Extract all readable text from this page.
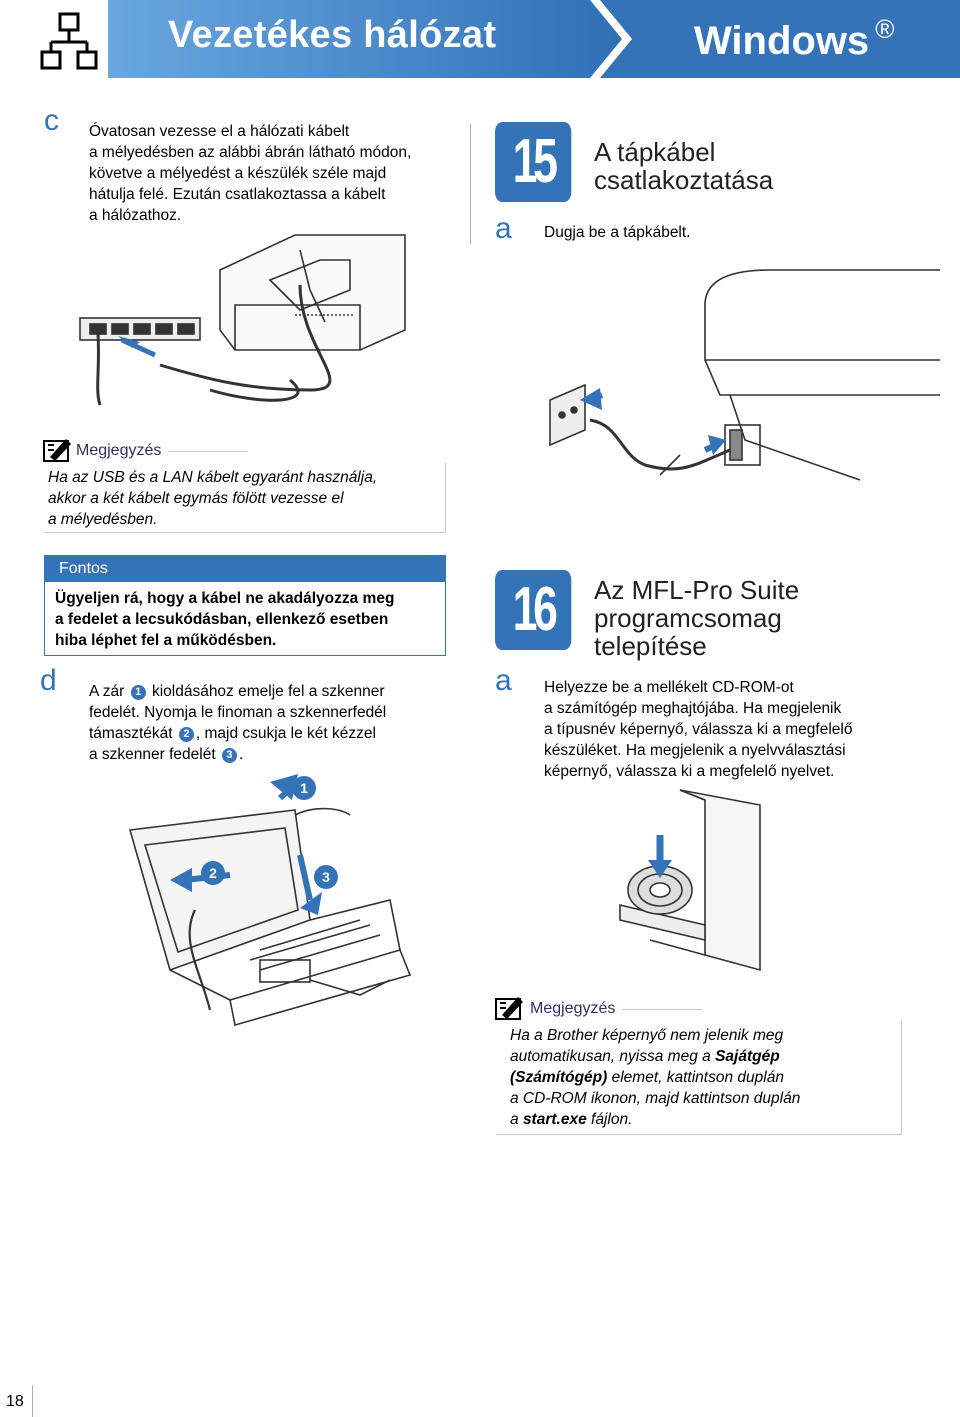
Vezetékes hálózat	Windows ®
c Óvatosan vezesse el a hálózati kábelt
a mélyedésben az alábbi ábrán látható módon,
követve a mélyedést a készülék széle majd
hátulja felé. Ezután csatlakoztassa a kábelt
a hálózathoz.
Megjegyzés
Ha az USB és a LAN kábelt egyaránt használja,
akkor a két kábelt egymás fölött vezesse el
a mélyedésben.
Fontos
Ügyeljen rá, hogy a kábel ne akadályozza meg
a fedelet a lecsukódásban, ellenkező esetben
hiba léphet fel a működésben.
d A zár 1 kioldásához emelje fel a szkenner
fedelét. Nyomja le finoman a szkennerfedél
támasztékát 2 , majd csukja le két kézzel
a szkenner fedelét 3 .
1
2	3
15	A tápkábel
csatlakoztatása
a Dugja be a tápkábelt.
16	Az MFL-Pro Suite
programcsomag
telepítése
a Helyezze be a mellékelt CD-ROM-ot
a számítógép meghajtójába. Ha megjelenik
a típusnév képernyő, válassza ki a megfelelő
készüléket. Ha megjelenik a nyelvválasztási
képernyő, válassza ki a megfelelő nyelvet.
Megjegyzés
Ha a Brother képernyő nem jelenik meg
automatikusan, nyissa meg a Sajátgép
(Számítógép) elemet, kattintson duplán
a CD-ROM ikonon, majd kattintson duplán
a start.exe fájlon.
18
